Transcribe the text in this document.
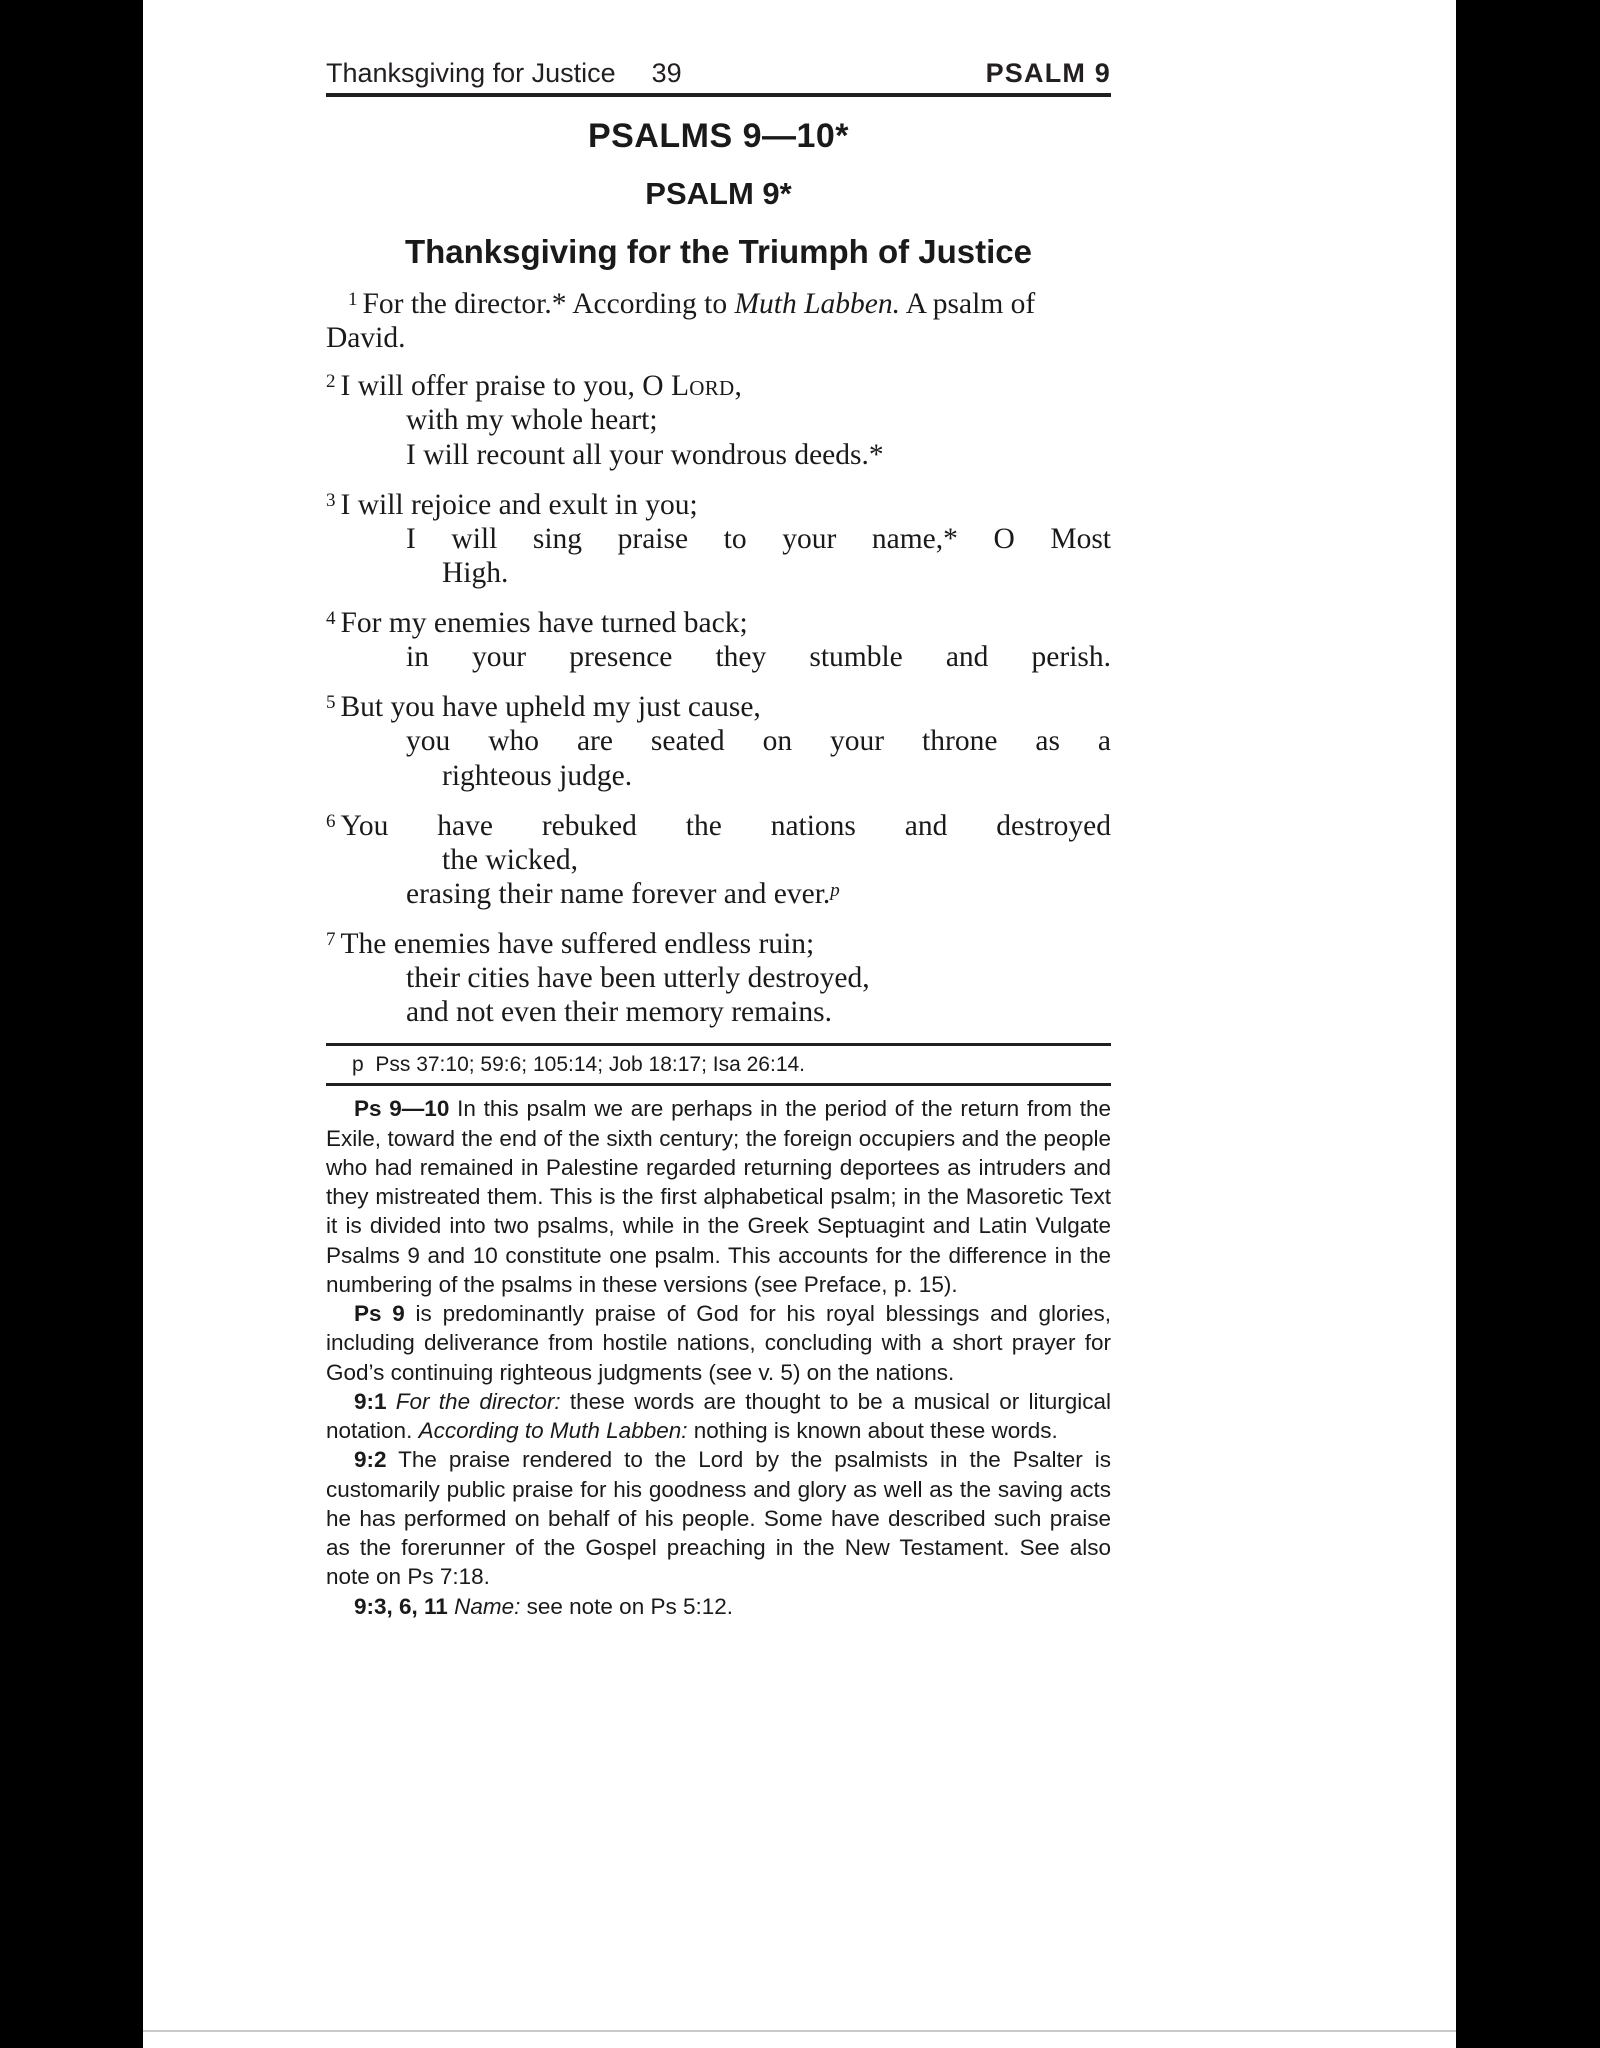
Thanksgiving for Justice 39	PSALM 9
PSALMS 9—10*
PSALM 9*
Thanksgiving for the Triumph of Justice
$^1$ For the director.* According to Muth Labben. A psalm of David.
$^2$ I will offer praise to you, O Lord,
with my whole heart;
I will recount all your wondrous deeds.*
$^3$ I will rejoice and exult in you;
I will sing praise to your name,* O Most
High.
$^4$ For my enemies have turned back;
in your presence they stumble and perish.
$^5$ But you have upheld my just cause,
you who are seated on your throne as a
righteous judge.
$^6$ You have rebuked the nations and destroyed
the wicked,
erasing their name forever and ever.$^p$
$^7$ The enemies have suffered endless ruin;
their cities have been utterly destroyed,
and not even their memory remains.
p Pss 37:10; 59:6; 105:14; Job 18:17; Isa 26:14.

Ps 9—10 In this psalm we are perhaps in the period of the return from the Exile, toward the end of the sixth century; the foreign occupiers and the people who had remained in Palestine regarded returning deportees as intruders and they mistreated them. This is the first alphabetical psalm; in the Masoretic Text it is divided into two psalms, while in the Greek Septuagint and Latin Vulgate Psalms 9 and 10 constitute one psalm. This accounts for the difference in the numbering of the psalms in these versions (see Preface, p. 15).

Ps 9 is predominantly praise of God for his royal blessings and glories, including deliverance from hostile nations, concluding with a short prayer for God’s continuing righteous judgments (see v. 5) on the nations.

9:1 For the director: these words are thought to be a musical or liturgical notation. According to Muth Labben: nothing is known about these words.

9:2 The praise rendered to the Lord by the psalmists in the Psalter is customarily public praise for his goodness and glory as well as the saving acts he has performed on behalf of his people. Some have described such praise as the forerunner of the Gospel preaching in the New Testament. See also note on Ps 7:18.

9:3, 6, 11 Name: see note on Ps 5:12.
